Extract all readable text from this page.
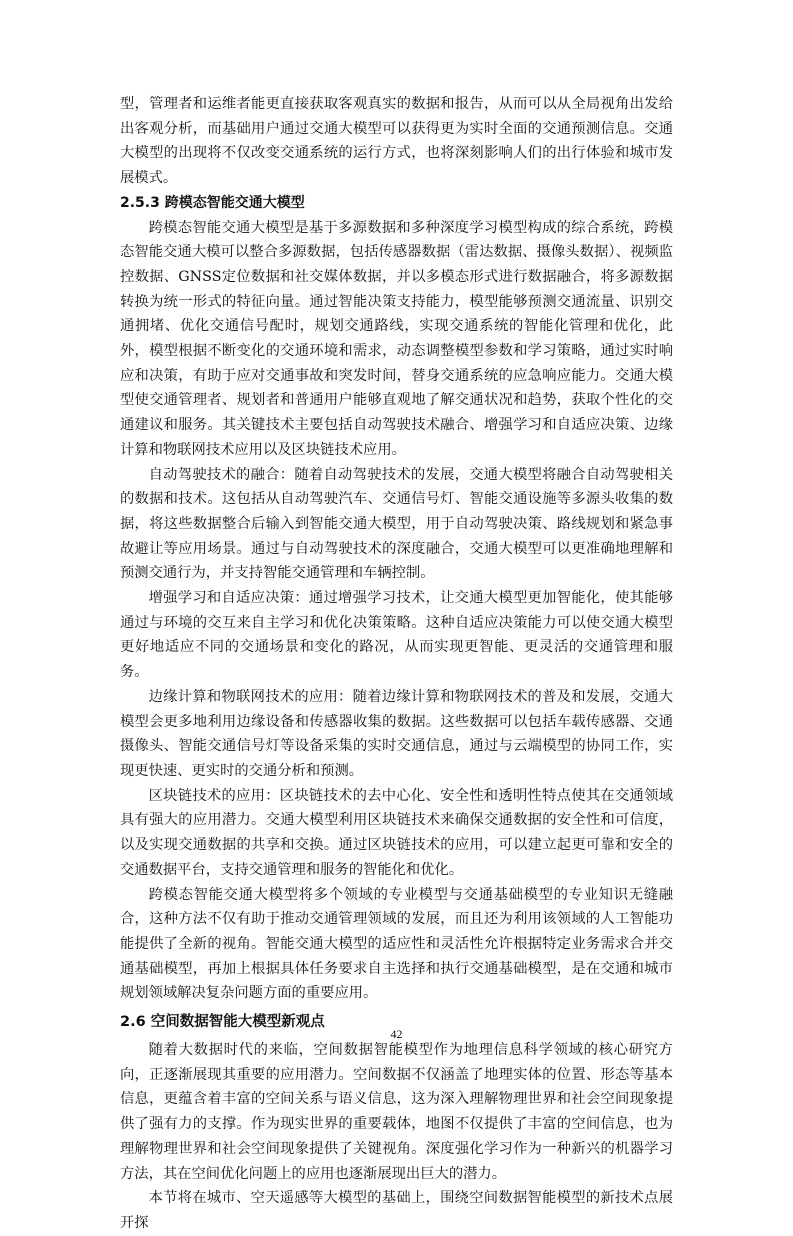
型，管理者和运维者能更直接获取客观真实的数据和报告，从而可以从全局视角出发给出客观分析，而基础用户通过交通大模型可以获得更为实时全面的交通预测信息。交通大模型的出现将不仅改变交通系统的运行方式，也将深刻影响人们的出行体验和城市发展模式。

2.5.3 跨模态智能交通大模型

跨模态智能交通大模型是基于多源数据和多种深度学习模型构成的综合系统，跨模态智能交通大模可以整合多源数据，包括传感器数据（雷达数据、摄像头数据）、视频监控数据、GNSS定位数据和社交媒体数据，并以多模态形式进行数据融合，将多源数据转换为统一形式的特征向量。通过智能决策支持能力，模型能够预测交通流量、识别交通拥堵、优化交通信号配时，规划交通路线，实现交通系统的智能化管理和优化，此外，模型根据不断变化的交通环境和需求，动态调整模型参数和学习策略，通过实时响应和决策，有助于应对交通事故和突发时间，替身交通系统的应急响应能力。交通大模型使交通管理者、规划者和普通用户能够直观地了解交通状况和趋势，获取个性化的交通建议和服务。其关键技术主要包括自动驾驶技术融合、增强学习和自适应决策、边缘计算和物联网技术应用以及区块链技术应用。

自动驾驶技术的融合：随着自动驾驶技术的发展，交通大模型将融合自动驾驶相关的数据和技术。这包括从自动驾驶汽车、交通信号灯、智能交通设施等多源头收集的数据，将这些数据整合后输入到智能交通大模型，用于自动驾驶决策、路线规划和紧急事故避让等应用场景。通过与自动驾驶技术的深度融合，交通大模型可以更准确地理解和预测交通行为，并支持智能交通管理和车辆控制。

增强学习和自适应决策：通过增强学习技术，让交通大模型更加智能化，使其能够通过与环境的交互来自主学习和优化决策策略。这种自适应决策能力可以使交通大模型更好地适应不同的交通场景和变化的路况，从而实现更智能、更灵活的交通管理和服务。

边缘计算和物联网技术的应用：随着边缘计算和物联网技术的普及和发展，交通大模型会更多地利用边缘设备和传感器收集的数据。这些数据可以包括车载传感器、交通摄像头、智能交通信号灯等设备采集的实时交通信息，通过与云端模型的协同工作，实现更快速、更实时的交通分析和预测。

区块链技术的应用：区块链技术的去中心化、安全性和透明性特点使其在交通领域具有强大的应用潜力。交通大模型利用区块链技术来确保交通数据的安全性和可信度，以及实现交通数据的共享和交换。通过区块链技术的应用，可以建立起更可靠和安全的交通数据平台，支持交通管理和服务的智能化和优化。

跨模态智能交通大模型将多个领域的专业模型与交通基础模型的专业知识无缝融合，这种方法不仅有助于推动交通管理领域的发展，而且还为利用该领域的人工智能功能提供了全新的视角。智能交通大模型的适应性和灵活性允许根据特定业务需求合并交通基础模型，再加上根据具体任务要求自主选择和执行交通基础模型，是在交通和城市规划领域解决复杂问题方面的重要应用。

2.6 空间数据智能大模型新观点

随着大数据时代的来临，空间数据智能模型作为地理信息科学领域的核心研究方向，正逐渐展现其重要的应用潜力。空间数据不仅涵盖了地理实体的位置、形态等基本信息，更蕴含着丰富的空间关系与语义信息，这为深入理解物理世界和社会空间现象提供了强有力的支撑。作为现实世界的重要载体，地图不仅提供了丰富的空间信息，也为理解物理世界和社会空间现象提供了关键视角。深度强化学习作为一种新兴的机器学习方法，其在空间优化问题上的应用也逐渐展现出巨大的潜力。

本节将在城市、空天遥感等大模型的基础上，围绕空间数据智能模型的新技术点展开探

42
